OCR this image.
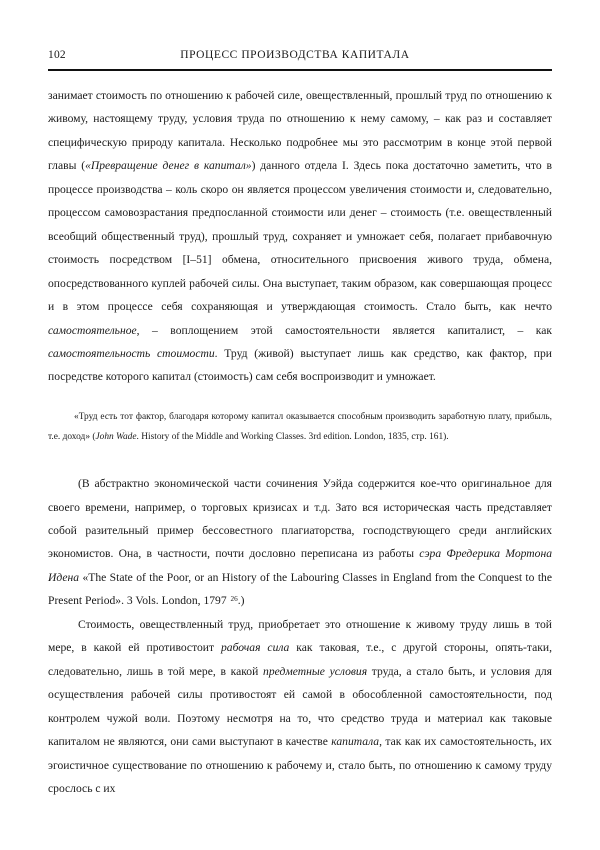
102	ПРОЦЕСС ПРОИЗВОДСТВА КАПИТАЛА

занимает стоимость по отношению к рабочей силе, овеществленный, прошлый труд по отношению к живому, настоящему труду, условия труда по отношению к нему самому, – как раз и составляет специфическую природу капитала. Несколько подробнее мы это рассмотрим в конце этой первой главы («Превращение денег в капитал») данного отдела I. Здесь пока достаточно заметить, что в процессе производства – коль скоро он является процессом увеличения стоимости и, следовательно, процессом самовозрастания предпосланной стоимости или денег – стоимость (т.е. овеществленный всеобщий общественный труд), прошлый труд, сохраняет и умножает себя, полагает прибавочную стоимость посредством [I–51] обмена, относительного присвоения живого труда, обмена, опосредствованного куплей рабочей силы. Она выступает, таким образом, как совершающая процесс и в этом процессе себя сохраняющая и утверждающая стоимость. Стало быть, как нечто самостоятельное, – воплощением этой самостоятельности является капиталист, – как самостоятельность стоимости. Труд (живой) выступает лишь как средство, как фактор, при посредстве которого капитал (стоимость) сам себя воспроизводит и умножает.

«Труд есть тот фактор, благодаря которому капитал оказывается способным производить заработную плату, прибыль, т.е. доход» (John Wade. History of the Middle and Working Classes. 3rd edition. London, 1835, стр. 161).

(В абстрактно экономической части сочинения Уэйда содержится кое-что оригинальное для своего времени, например, о торговых кризисах и т.д. Зато вся историческая часть представляет собой разительный пример бессовестного плагиаторства, господствующего среди английских экономистов. Она, в частности, почти дословно переписана из работы сэра Фредерика Мортона Идена «The State of the Poor, or an History of the Labouring Classes in England from the Conquest to the Present Period». 3 Vols. London, 1797 $^{26}$.)

Стоимость, овеществленный труд, приобретает это отношение к живому труду лишь в той мере, в какой ей противостоит рабочая сила как таковая, т.е., с другой стороны, опять-таки, следовательно, лишь в той мере, в какой предметные условия труда, а стало быть, и условия для осуществления рабочей силы противостоят ей самой в обособленной самостоятельности, под контролем чужой воли. Поэтому несмотря на то, что средство труда и материал как таковые капиталом не являются, они сами выступают в качестве капитала, так как их самостоятельность, их эгоистичное существование по отношению к рабочему и, стало быть, по отношению к самому труду срослось с их
